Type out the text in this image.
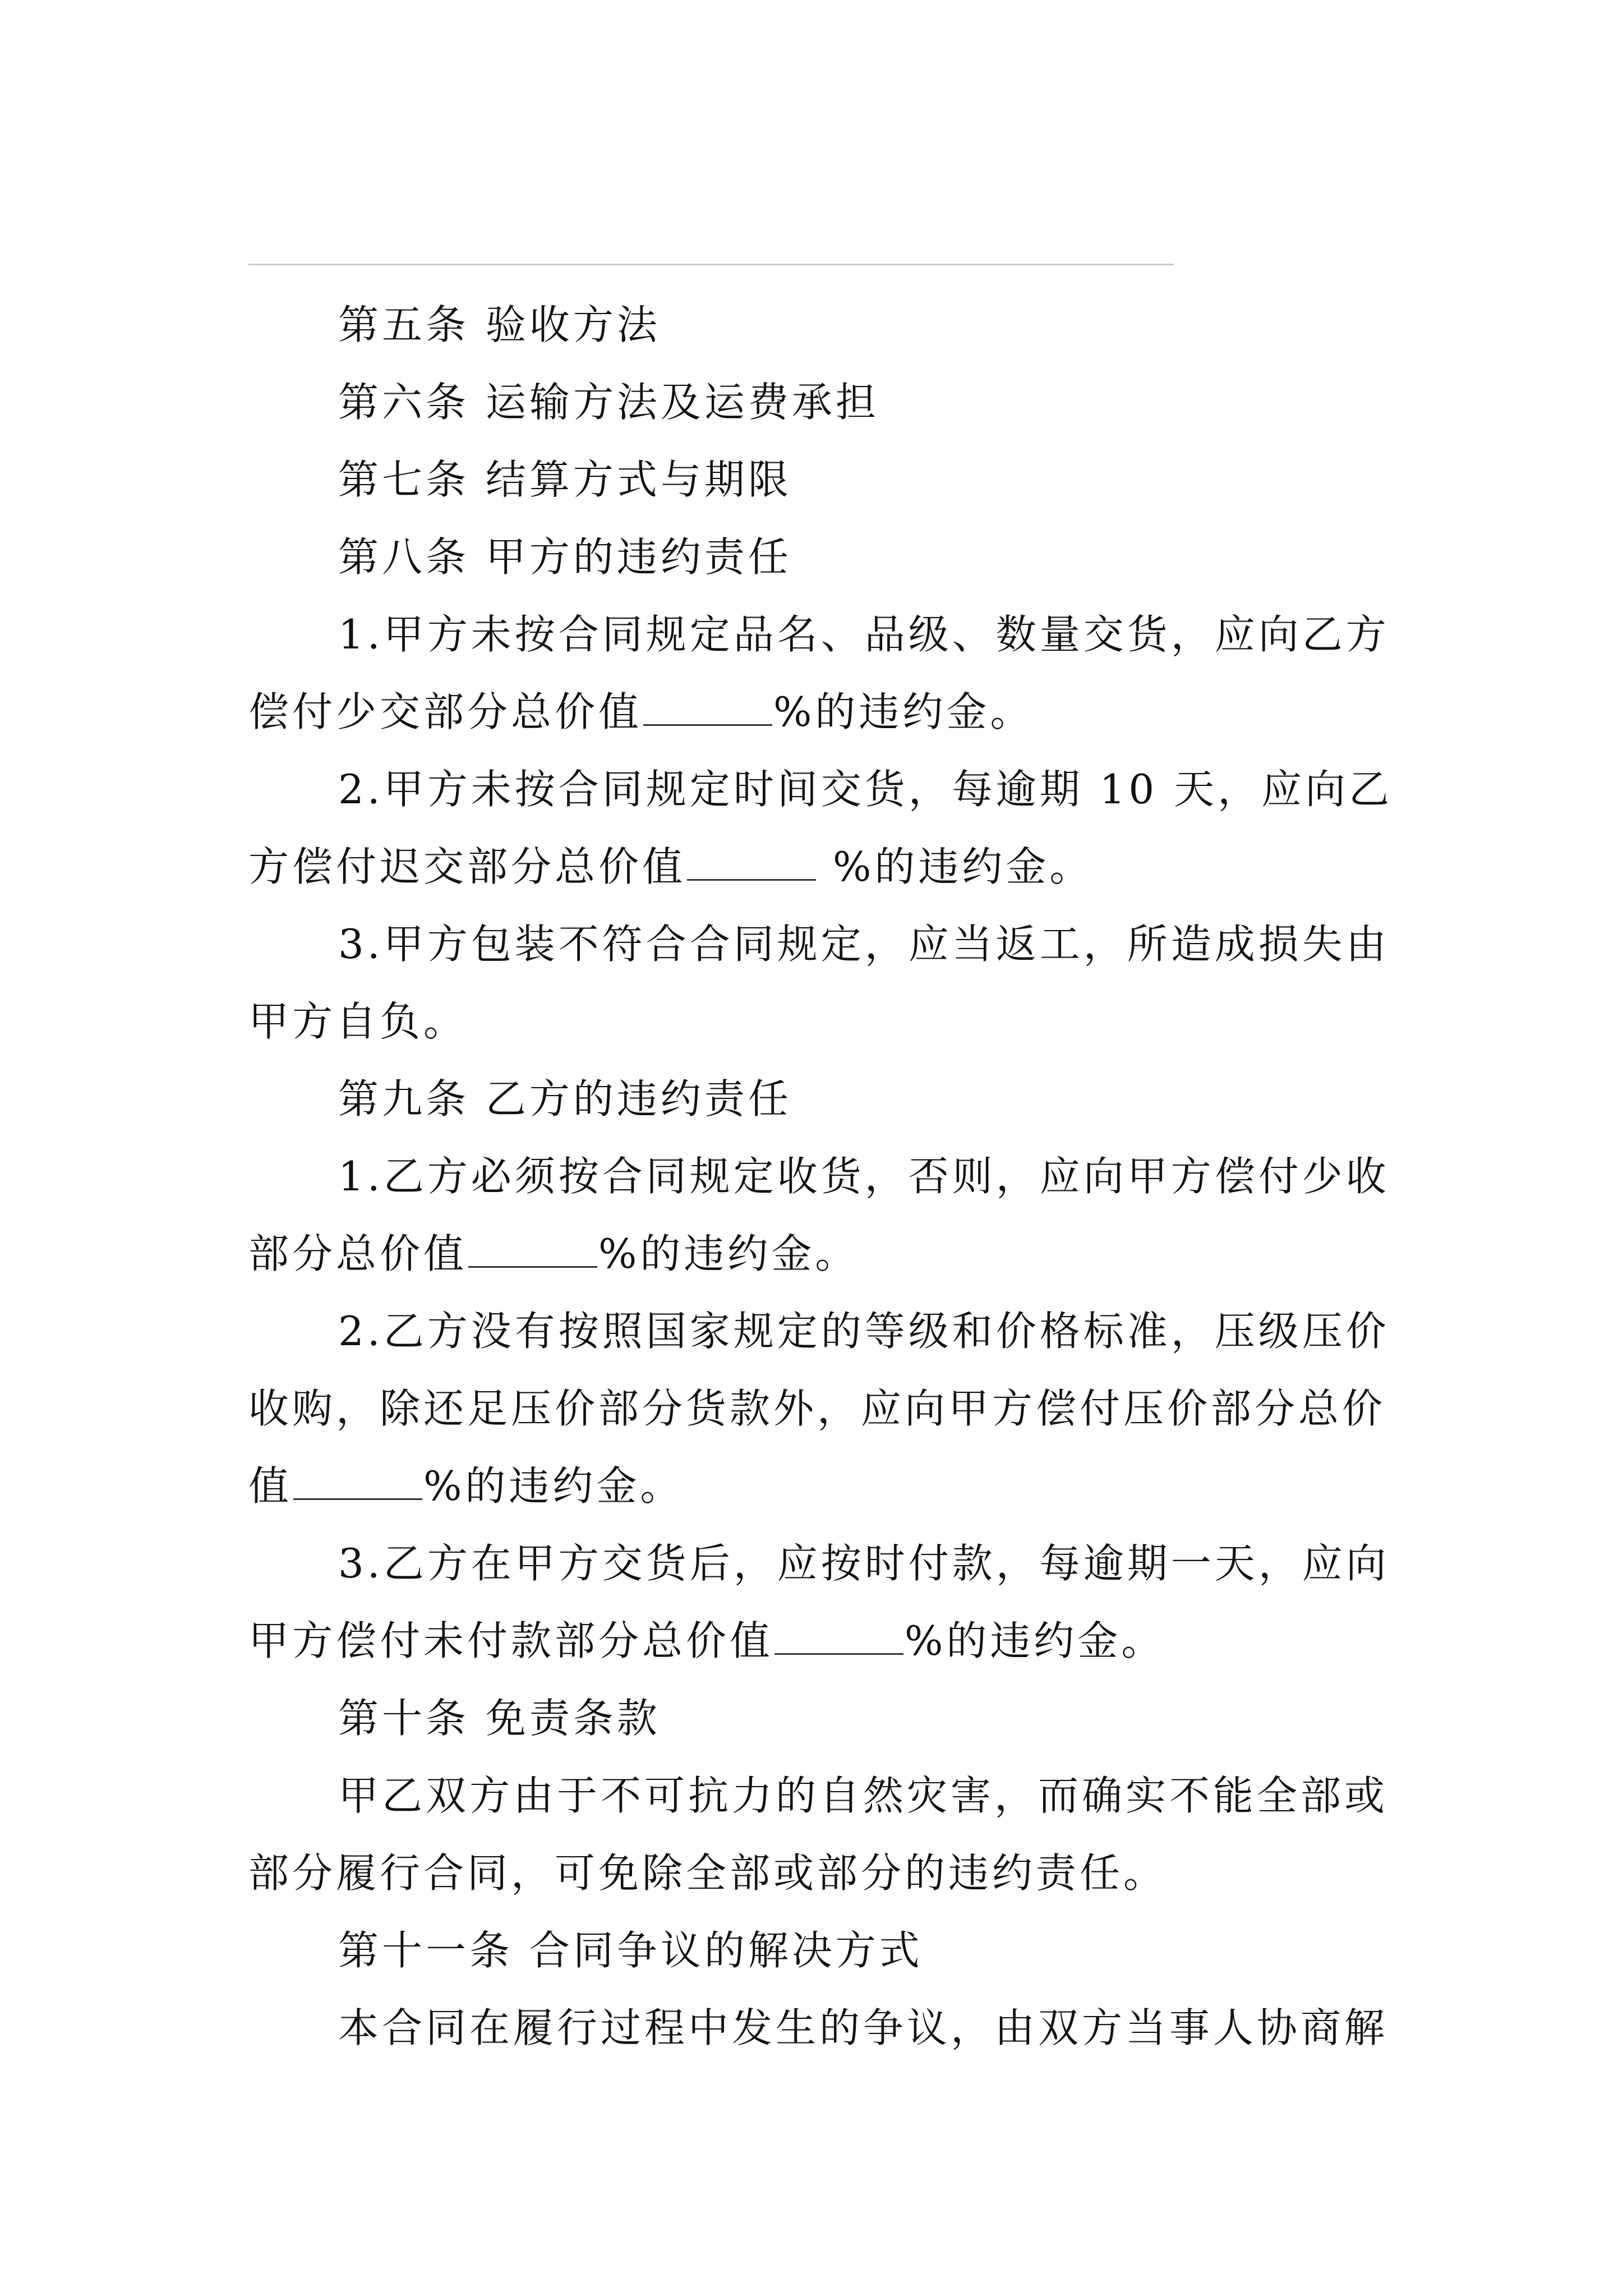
第五条 验收方法
第六条 运输方法及运费承担
第七条 结算方式与期限
第八条 甲方的违约责任
1.甲方未按合同规定品名、品级、数量交货，应向乙方
偿付少交部分总价值	%的违约金。
2.甲方未按合同规定时间交货，每逾期 10 天，应向乙
方偿付迟交部分总价值	%的违约金。
3.甲方包装不符合合同规定，应当返工，所造成损失由
甲方自负。
第九条 乙方的违约责任
1.乙方必须按合同规定收货，否则，应向甲方偿付少收
部分总价值	%的违约金。
2.乙方没有按照国家规定的等级和价格标准，压级压价
收购，除还足压价部分货款外，应向甲方偿付压价部分总价
值	%的违约金。
3.乙方在甲方交货后，应按时付款，每逾期一天，应向
甲方偿付未付款部分总价值	%的违约金。
第十条 免责条款
甲乙双方由于不可抗力的自然灾害，而确实不能全部或
部分履行合同，可免除全部或部分的违约责任。
第十一条 合同争议的解决方式
本合同在履行过程中发生的争议，由双方当事人协商解
